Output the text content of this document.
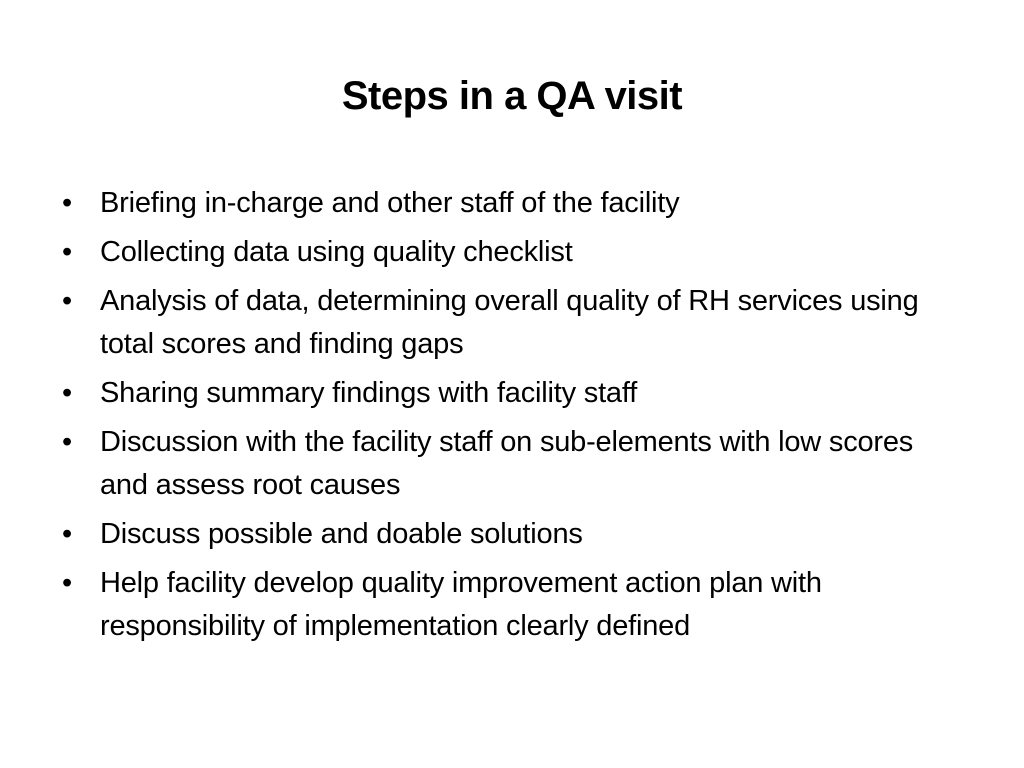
Steps in a QA visit
• Briefing in-charge and other staff of the facility
• Collecting data using quality checklist
• Analysis of data, determining overall quality of RH services using total scores and finding gaps
• Sharing summary findings with facility staff
• Discussion with the facility staff on sub-elements with low scores and assess root causes
• Discuss possible and doable solutions
• Help facility develop quality improvement action plan with responsibility of implementation clearly defined
